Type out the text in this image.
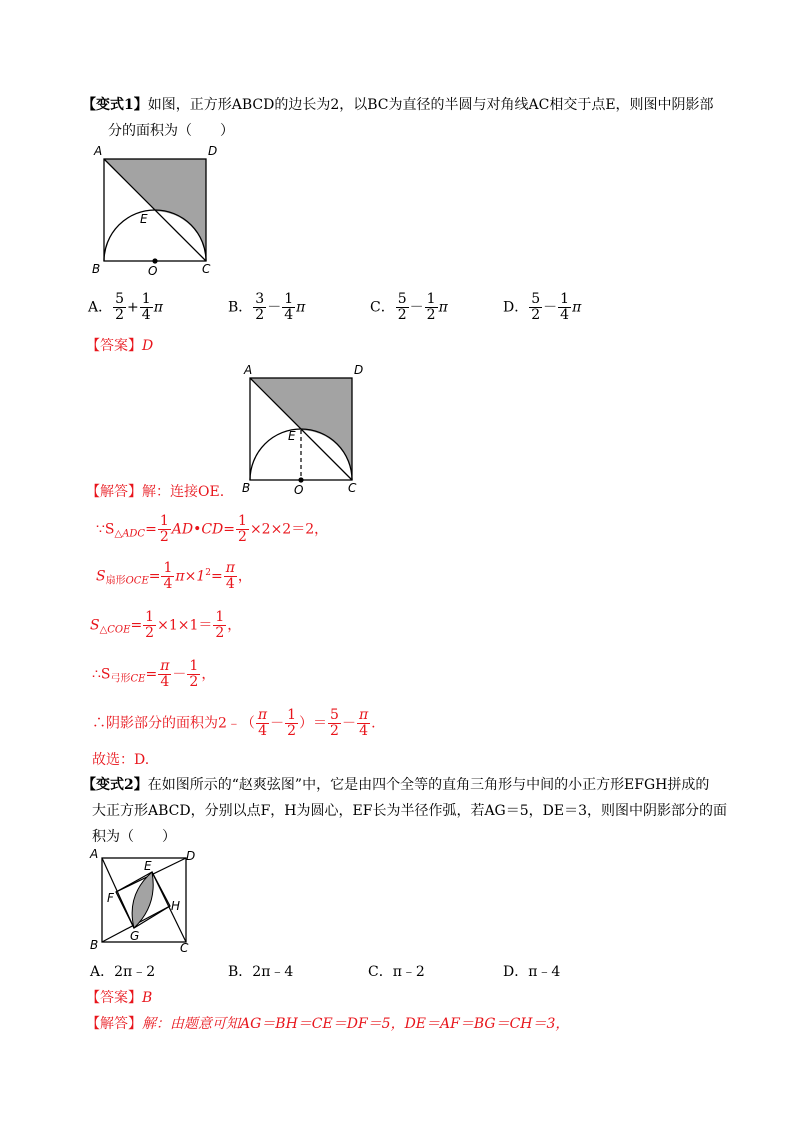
【变式1】如图，正方形ABCD的边长为2，以BC为直径的半圆与对角线AC相交于点E，则图中阴影部
分的面积为（　　）
A	D
E
B	O	C
A． $\frac{5}{2} + \frac{1}{4}$ π	B． $\frac{3}{2} - \frac{1}{4}$ π	C． $\frac{5}{2} - \frac{1}{2}$ π	D． $\frac{5}{2} - \frac{1}{4}$ π
【答案】D
A	D
E
B	O	C
【解答】解：连接OE.
$\because S_{\triangle ADC}= \frac{1}{2}$ AD•CD= $\frac{1}{2} \times 2\times 2=2$，
$S_{扇形OCE}= \frac{1}{4} \pi\times 1^2= \frac{\pi}{4}$ ，
$S_{\triangle COE}= \frac{1}{2} \times 1\times 1= \frac{1}{2}$ ，
$\therefore S_{弓形CE}= \frac{\pi}{4} - \frac{1}{2}$ ，
∴阴影部分的面积为2﹣（ $\frac{\pi}{4} - \frac{1}{2}$ ）＝ $\frac{5}{2} - \frac{\pi}{4}$ .
故选：D.
【变式2】在如图所示的“赵爽弦图”中，它是由四个全等的直角三角形与中间的小正方形EFGH拼成的
大正方形ABCD，分别以点F，H为圆心，EF长为半径作弧，若AG＝5，DE＝3，则图中阴影部分的面
积为（　　）
A	D
E
F
H
G
B	C
A．2π﹣2	B．2π﹣4	C．π﹣2	D．π﹣4
【答案】B
【解答】解：由题意可知AG＝BH＝CE＝DF＝5，DE＝AF＝BG＝CH＝3，
